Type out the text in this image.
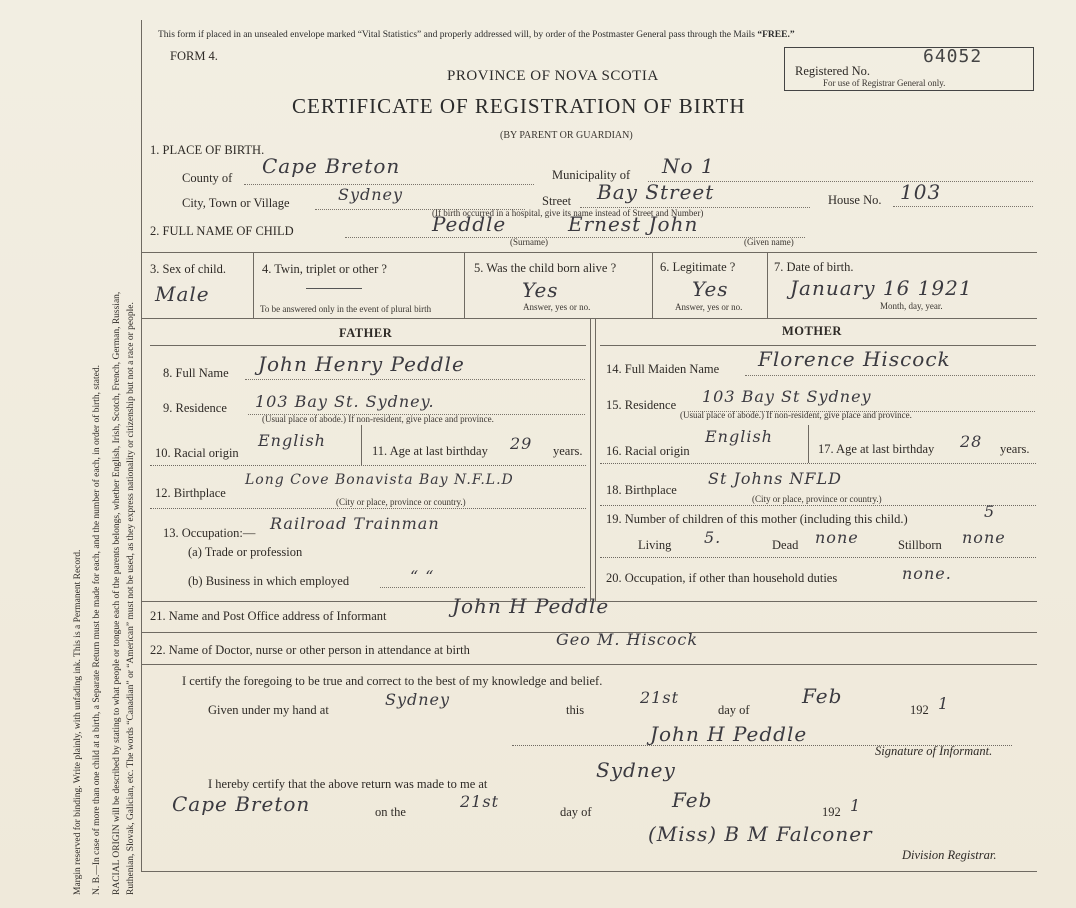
Margin reserved for binding. Write plainly, with unfading ink. This is a Permanent Record. N. B.—In case of more than one child at a birth, a Separate Return must be made for each, and the number of each, in order of birth, stated. RACIAL ORIGIN will be described by stating to what people or tongue each of the parents belongs, whether English, Irish, Scotch, French, German, Russian, Ruthenian, Slovak, Galician, etc. The words “Canadian” or “American” must not be used, as they express nationality or citizenship but not a race or people.
This form if placed in an unsealed envelope marked “Vital Statistics” and properly addressed will, by order of the Postmaster General pass through the Mails “FREE.”
FORM 4.
Registered No.
64052
For use of Registrar General only.
PROVINCE OF NOVA SCOTIA
CERTIFICATE OF REGISTRATION OF BIRTH
(BY PARENT OR GUARDIAN)
1. PLACE OF BIRTH.
County of Cape Breton	Municipality of No 1
City, Town or Village	Sydney	Street Bay Street	House No. 103
(If birth occurred in a hospital, give its name instead of Street and Number)
2. FULL NAME OF CHILD	Peddle	Ernest John
(Surname)	(Given name)
3. Sex of child.
Male
4. Twin, triplet or other ?
To be answered only in the event of plural birth
5. Was the child born alive ?
Yes
Answer, yes or no.
6. Legitimate ?
Yes
Answer, yes or no.
7. Date of birth.
January 16 1921
Month, day, year.
FATHER	MOTHER
8. Full Name John Henry Peddle
9. Residence 103 Bay St. Sydney.
(Usual place of abode.) If non-resident, give place and province.
10. Racial origin
English
11. Age at last birthday 29 years.
12. Birthplace
Long Cove Bonavista Bay N.F.L.D
(City or place, province or country.)
13. Occupation:— Railroad Trainman
(a) Trade or profession
(b) Business in which employed	“ “
14. Full Maiden Name Florence Hiscock
15. Residence 103 Bay St Sydney
(Usual place of abode.) If non-resident, give place and province.
16. Racial origin
English
17. Age at last birthday 28 years.
18. Birthplace
St Johns NFLD
(City or place, province or country.)
19. Number of children of this mother (including this child.)	5
Living 5.	Dead none	Stillborn none
20. Occupation, if other than household duties	none.
21. Name and Post Office address of Informant	John H Peddle
22. Name of Doctor, nurse or other person in attendance at birth
Geo M. Hiscock
I certify the foregoing to be true and correct to the best of my knowledge and belief.
Given under my hand at
Sydney
this
21st
day of
Feb
192 1
John H Peddle
Signature of Informant.
I hereby certify that the above return was made to me at
Sydney
Cape Breton	on the
21st
day of	Feb	192 1
(Miss) B M Falconer
Division Registrar.
